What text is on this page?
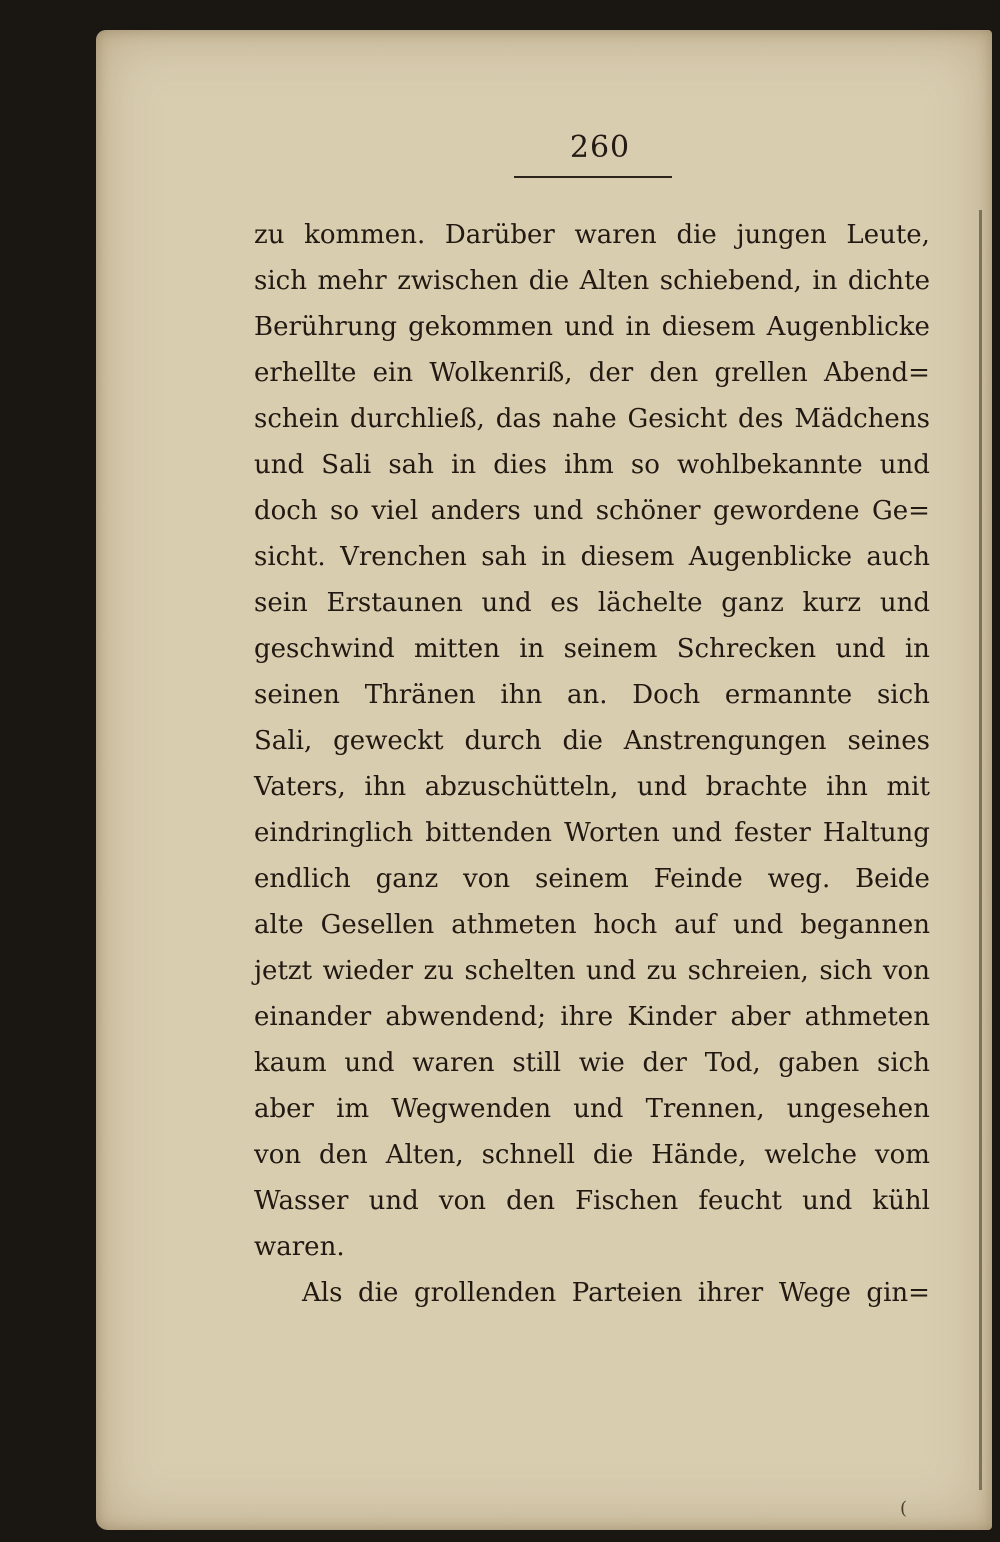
260
zu kommen. Darüber waren die jungen Leute,
sich mehr zwischen die Alten schiebend, in dichte
Berührung gekommen und in diesem Augenblicke
erhellte ein Wolkenriß, der den grellen Abend=
schein durchließ, das nahe Gesicht des Mädchens
und Sali sah in dies ihm so wohlbekannte und
doch so viel anders und schöner gewordene Ge=
sicht. Vrenchen sah in diesem Augenblicke auch
sein Erstaunen und es lächelte ganz kurz und
geschwind mitten in seinem Schrecken und in
seinen Thränen ihn an. Doch ermannte sich
Sali, geweckt durch die Anstrengungen seines
Vaters, ihn abzuschütteln, und brachte ihn mit
eindringlich bittenden Worten und fester Haltung
endlich ganz von seinem Feinde weg. Beide
alte Gesellen athmeten hoch auf und begannen
jetzt wieder zu schelten und zu schreien, sich von
einander abwendend; ihre Kinder aber athmeten
kaum und waren still wie der Tod, gaben sich
aber im Wegwenden und Trennen, ungesehen
von den Alten, schnell die Hände, welche vom
Wasser und von den Fischen feucht und kühl
waren.
Als die grollenden Parteien ihrer Wege gin=
(
